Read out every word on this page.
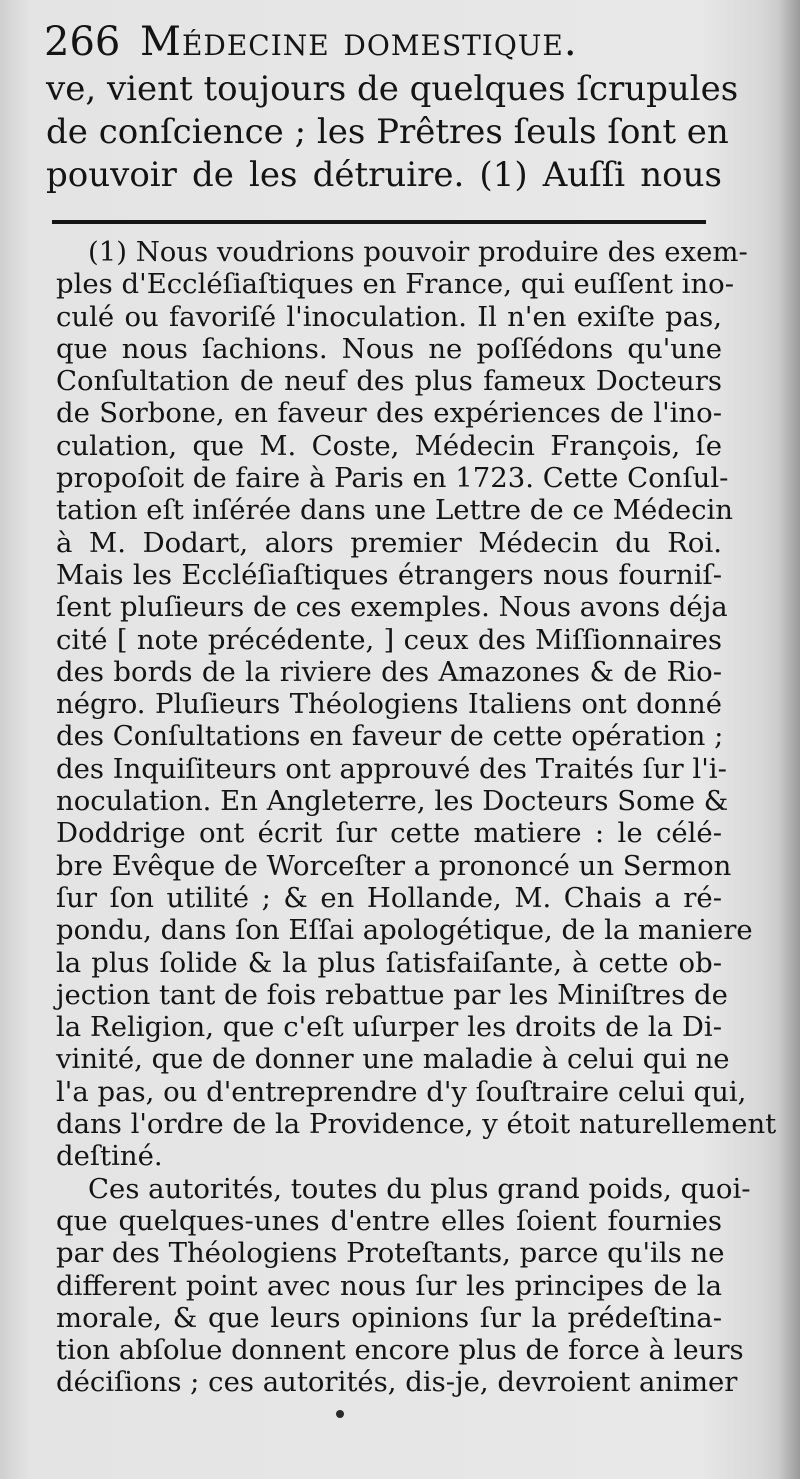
266 Médecine domestique.
ve, vient toujours de quelques ſcrupules
de conſcience ; les Prêtres ſeuls ſont en
pouvoir de les détruire. (1) Auſſi nous
(1) Nous voudrions pouvoir produire des exem-
ples d'Eccléſiaſtiques en France, qui euſſent ino-
culé ou favoriſé l'inoculation. Il n'en exiſte pas,
que nous ſachions. Nous ne poſſédons qu'une
Conſultation de neuf des plus fameux Docteurs
de Sorbone, en faveur des expériences de l'ino-
culation, que M. Coste, Médecin François, ſe
propoſoit de faire à Paris en 1723. Cette Conſul-
tation eſt inſérée dans une Lettre de ce Médecin
à M. Dodart, alors premier Médecin du Roi.
Mais les Eccléſiaſtiques étrangers nous fourniſ-
ſent pluſieurs de ces exemples. Nous avons déja
cité [ note précédente, ] ceux des Miſſionnaires
des bords de la riviere des Amazones & de Rio-
négro. Pluſieurs Théologiens Italiens ont donné
des Conſultations en faveur de cette opération ;
des Inquiſiteurs ont approuvé des Traités ſur l'i-
noculation. En Angleterre, les Docteurs Some &
Doddrige ont écrit ſur cette matiere : le célé-
bre Evêque de Worceſter a prononcé un Sermon
ſur ſon utilité ; & en Hollande, M. Chais a ré-
pondu, dans ſon Eſſai apologétique, de la maniere
la plus ſolide & la plus ſatisfaiſante, à cette ob-
jection tant de fois rebattue par les Miniſtres de
la Religion, que c'eſt uſurper les droits de la Di-
vinité, que de donner une maladie à celui qui ne
l'a pas, ou d'entreprendre d'y ſouſtraire celui qui,
dans l'ordre de la Providence, y étoit naturellement
deſtiné.
Ces autorités, toutes du plus grand poids, quoi-
que quelques-unes d'entre elles ſoient fournies
par des Théologiens Proteſtants, parce qu'ils ne
different point avec nous ſur les principes de la
morale, & que leurs opinions ſur la prédeſtina-
tion abſolue donnent encore plus de force à leurs
déciſions ; ces autorités, dis-je, devroient animer
